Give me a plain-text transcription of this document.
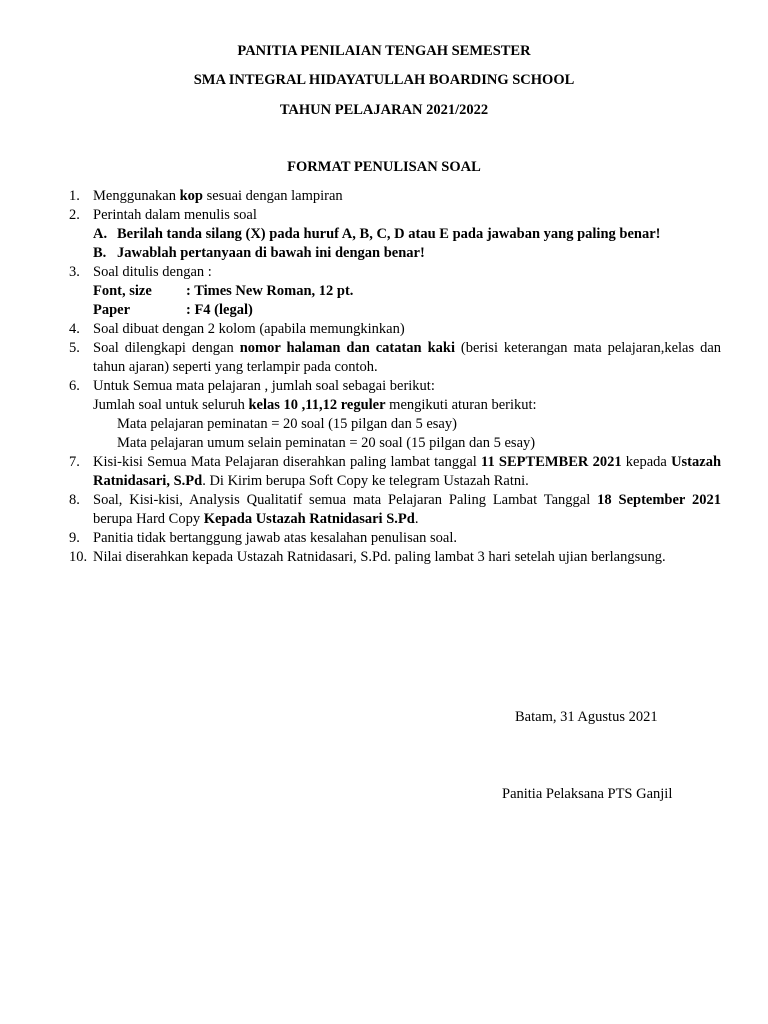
PANITIA PENILAIAN TENGAH SEMESTER
SMA INTEGRAL HIDAYATULLAH BOARDING SCHOOL
TAHUN PELAJARAN 2021/2022
FORMAT PENULISAN SOAL
1. Menggunakan kop sesuai dengan lampiran
2. Perintah dalam menulis soal
A. Berilah tanda silang (X) pada huruf A, B, C, D atau E pada jawaban yang paling benar!
B. Jawablah pertanyaan di bawah ini dengan benar!
3. Soal ditulis dengan :
Font, size : Times New Roman, 12 pt.
Paper	: F4 (legal)
4. Soal dibuat dengan 2 kolom (apabila memungkinkan)
5. Soal dilengkapi dengan nomor halaman dan catatan kaki (berisi keterangan mata pelajaran,kelas dan tahun ajaran) seperti yang terlampir pada contoh.
6. Untuk Semua mata pelajaran , jumlah soal sebagai berikut:
Jumlah soal untuk seluruh kelas 10 ,11,12 reguler mengikuti aturan berikut:
Mata pelajaran peminatan = 20 soal (15 pilgan dan 5 esay)
Mata pelajaran umum selain peminatan = 20 soal (15 pilgan dan 5 esay)
7. Kisi-kisi Semua Mata Pelajaran diserahkan paling lambat tanggal 11 SEPTEMBER 2021 kepada Ustazah Ratnidasari, S.Pd. Di Kirim berupa Soft Copy ke telegram Ustazah Ratni.
8. Soal, Kisi-kisi, Analysis Qualitatif semua mata Pelajaran Paling Lambat Tanggal 18 September 2021 berupa Hard Copy Kepada Ustazah Ratnidasari S.Pd.
9. Panitia tidak bertanggung jawab atas kesalahan penulisan soal.
10. Nilai diserahkan kepada Ustazah Ratnidasari, S.Pd. paling lambat 3 hari setelah ujian berlangsung.
Batam, 31 Agustus 2021
Panitia Pelaksana PTS Ganjil
